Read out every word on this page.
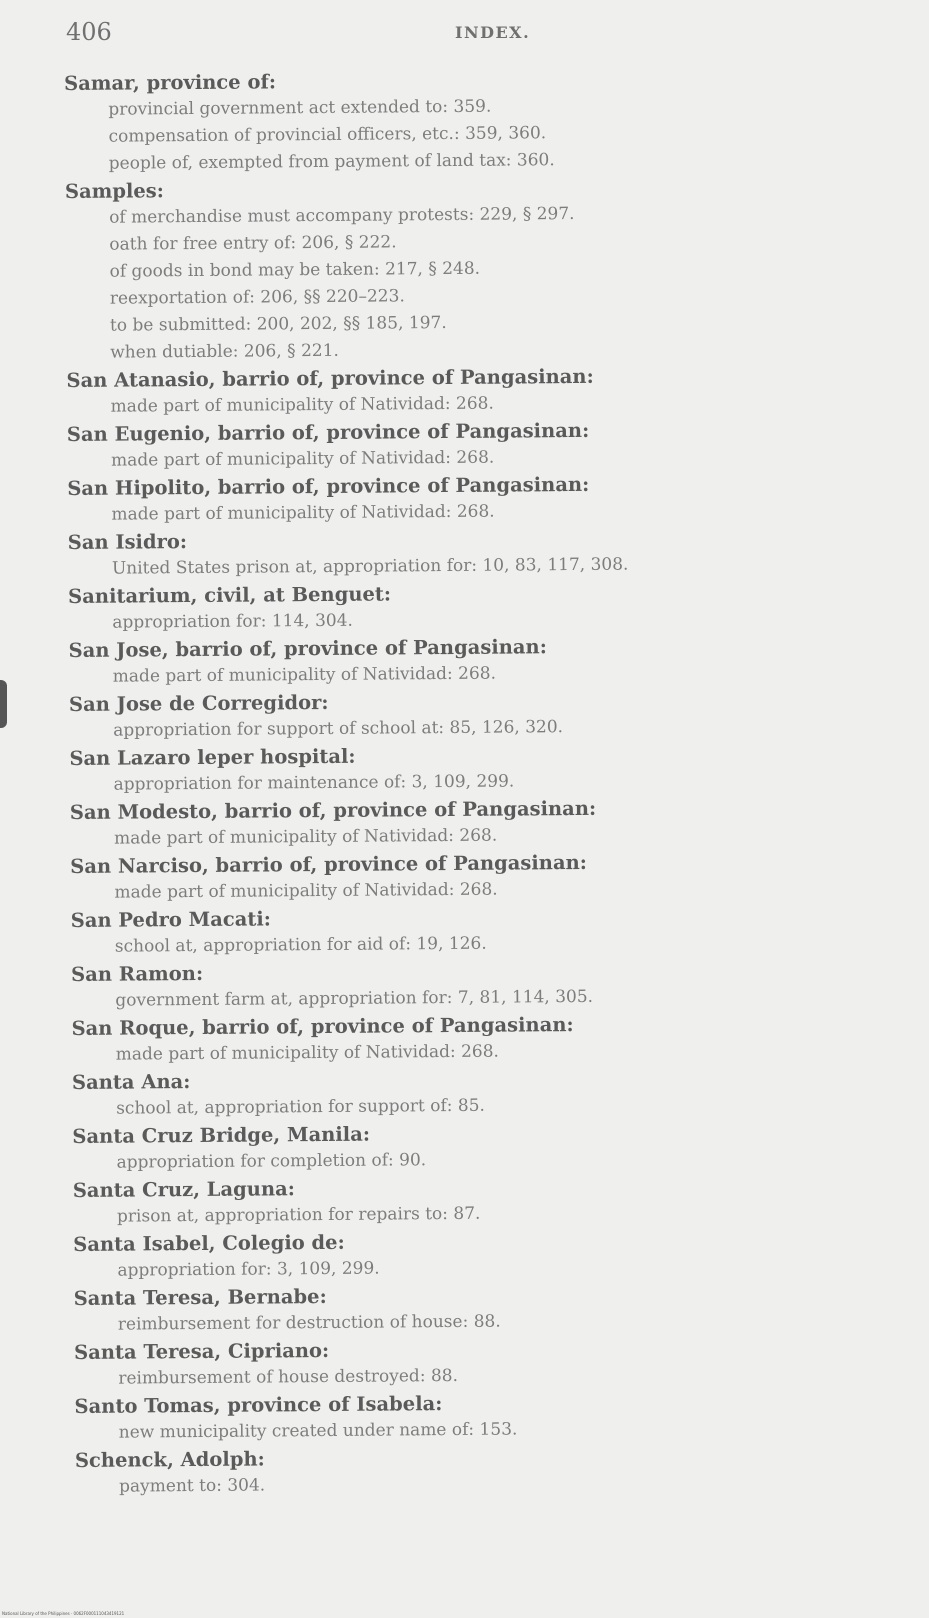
406	INDEX.
Samar, province of:
provincial government act extended to: 359.
compensation of provincial officers, etc.: 359, 360.
people of, exempted from payment of land tax: 360.
Samples:
of merchandise must accompany protests: 229, § 297.
oath for free entry of: 206, § 222.
of goods in bond may be taken: 217, § 248.
reexportation of: 206, §§ 220–223.
to be submitted: 200, 202, §§ 185, 197.
when dutiable: 206, § 221.
San Atanasio, barrio of, province of Pangasinan:
made part of municipality of Natividad: 268.
San Eugenio, barrio of, province of Pangasinan:
made part of municipality of Natividad: 268.
San Hipolito, barrio of, province of Pangasinan:
made part of municipality of Natividad: 268.
San Isidro:
United States prison at, appropriation for: 10, 83, 117, 308.
Sanitarium, civil, at Benguet:
appropriation for: 114, 304.
San Jose, barrio of, province of Pangasinan:
made part of municipality of Natividad: 268.
San Jose de Corregidor:
appropriation for support of school at: 85, 126, 320.
San Lazaro leper hospital:
appropriation for maintenance of: 3, 109, 299.
San Modesto, barrio of, province of Pangasinan:
made part of municipality of Natividad: 268.
San Narciso, barrio of, province of Pangasinan:
made part of municipality of Natividad: 268.
San Pedro Macati:
school at, appropriation for aid of: 19, 126.
San Ramon:
government farm at, appropriation for: 7, 81, 114, 305.
San Roque, barrio of, province of Pangasinan:
made part of municipality of Natividad: 268.
Santa Ana:
school at, appropriation for support of: 85.
Santa Cruz Bridge, Manila:
appropriation for completion of: 90.
Santa Cruz, Laguna:
prison at, appropriation for repairs to: 87.
Santa Isabel, Colegio de:
appropriation for: 3, 109, 299.
Santa Teresa, Bernabe:
reimbursement for destruction of house: 88.
Santa Teresa, Cipriano:
reimbursement of house destroyed: 88.
Santo Tomas, province of Isabela:
new municipality created under name of: 153.
Schenck, Adolph:
payment to: 304.
National Library of the Philippines · 0062F000111043419121
